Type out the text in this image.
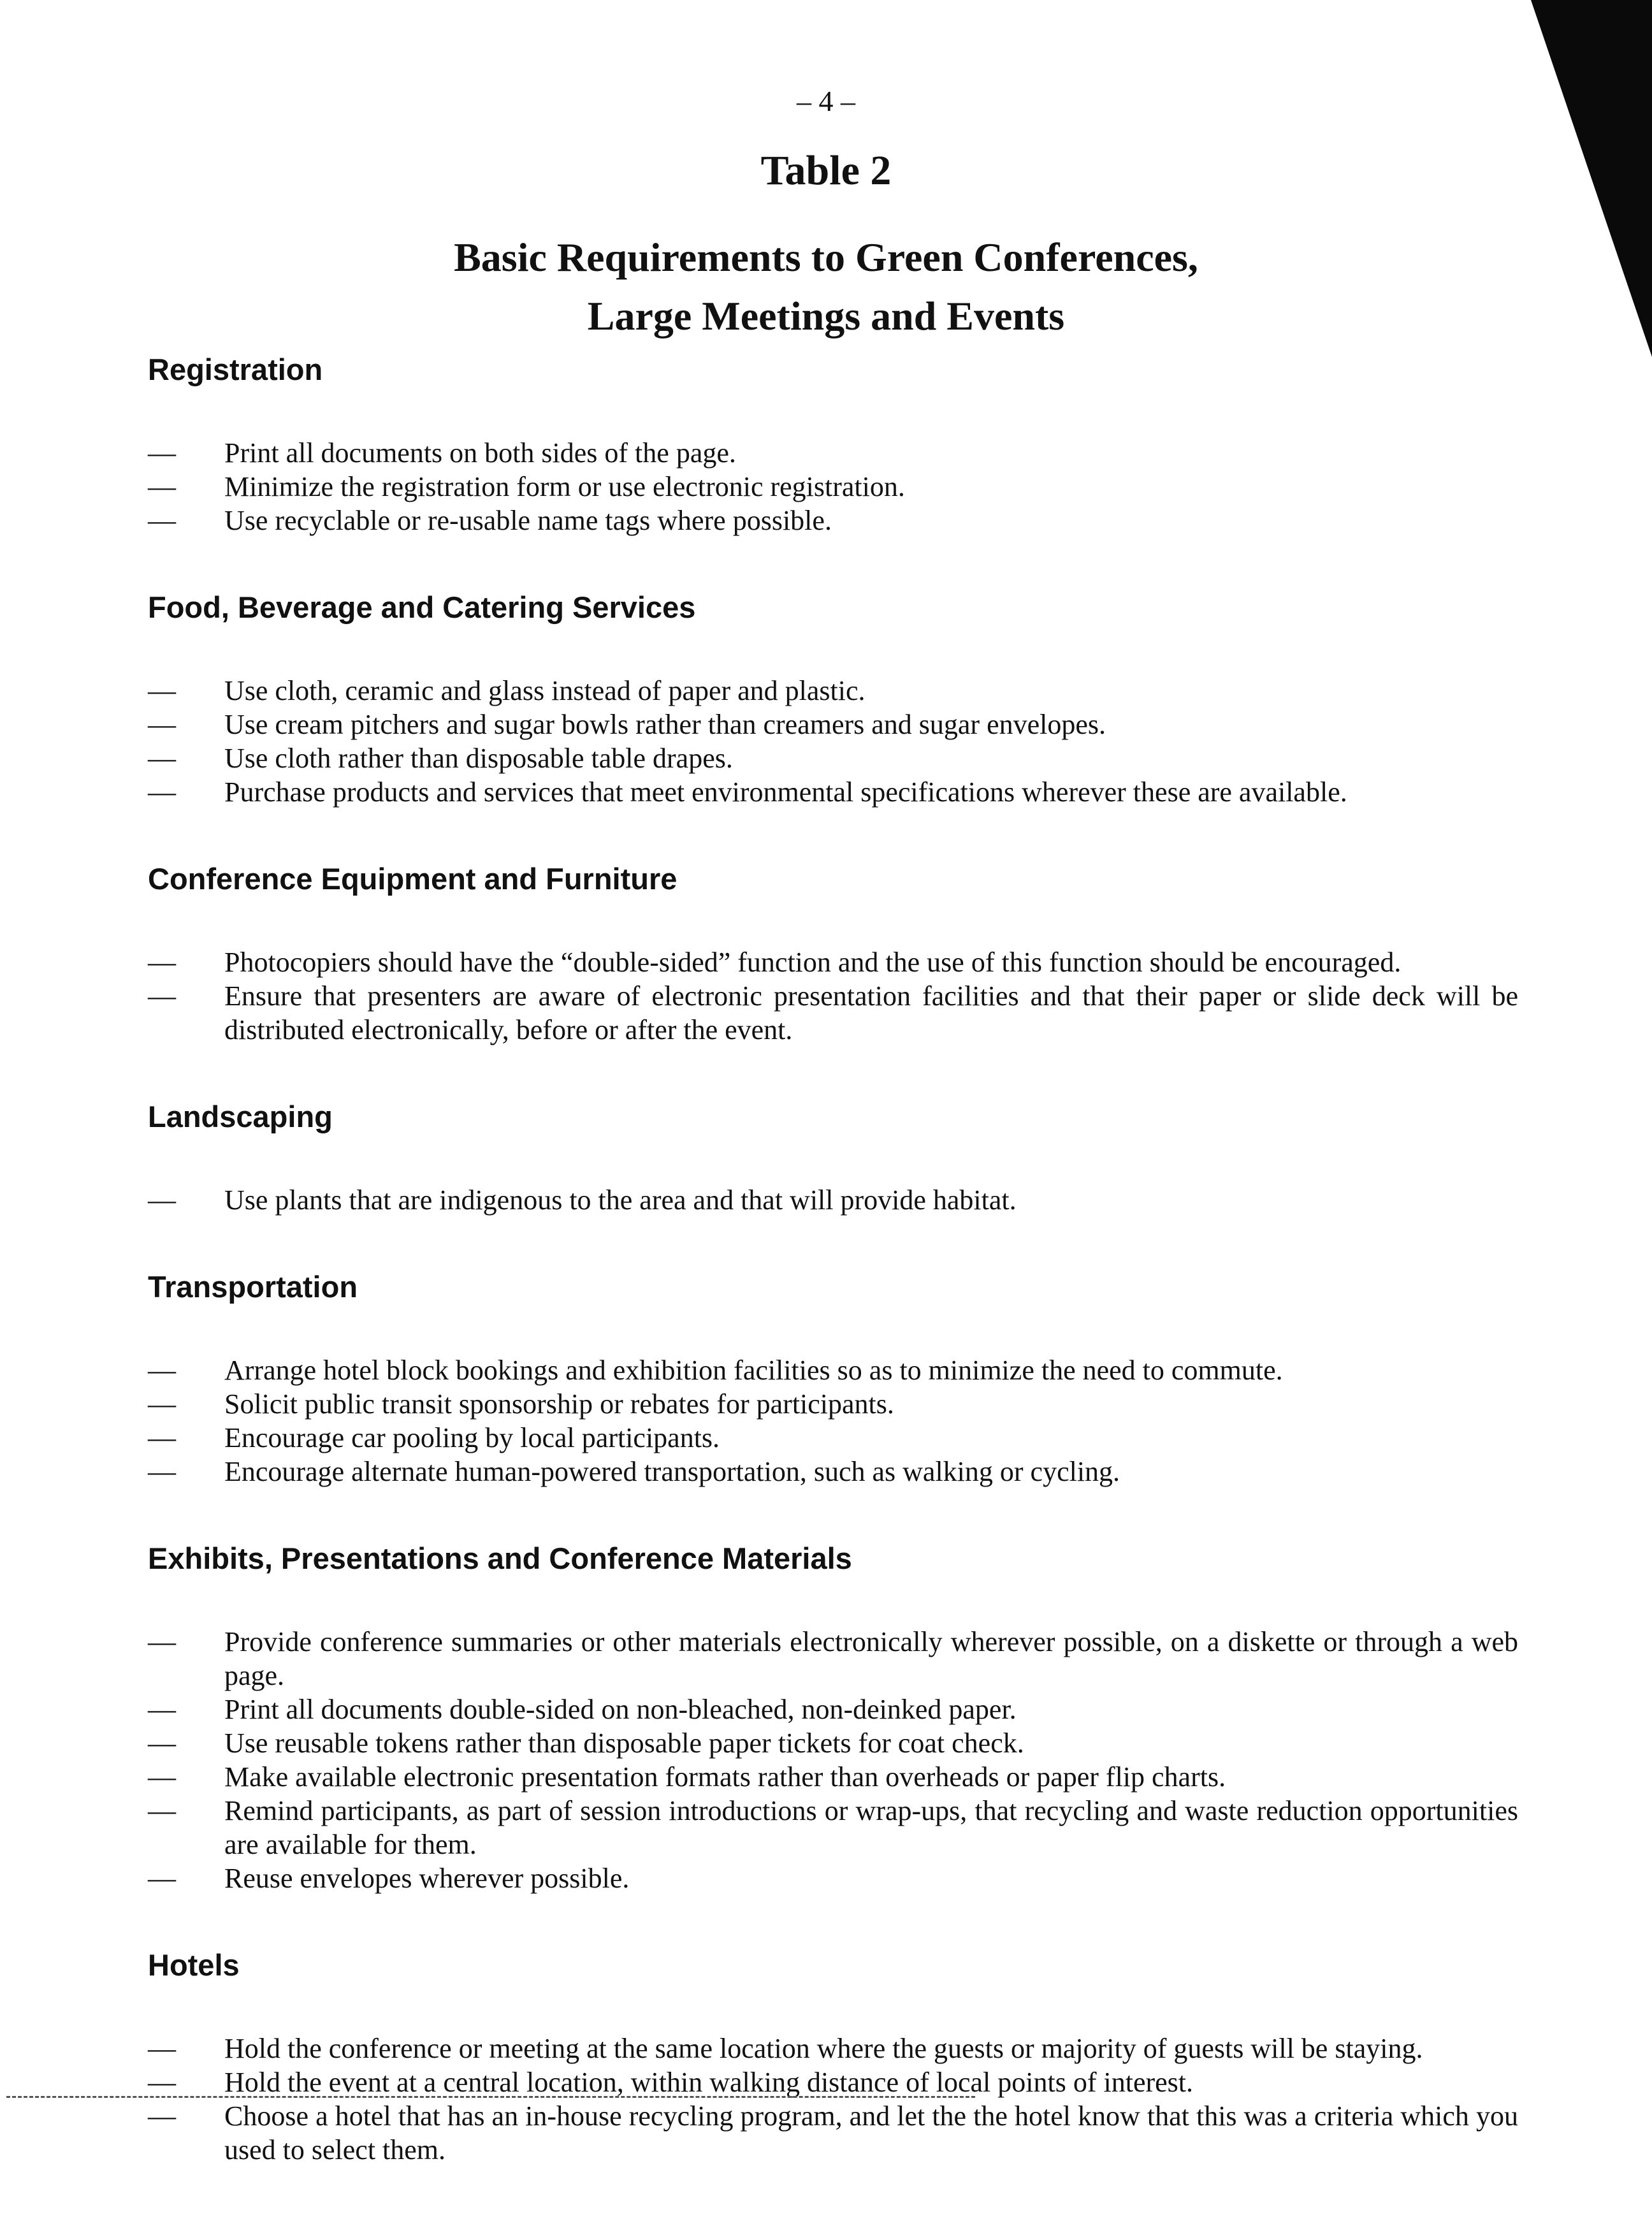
– 4 –
Table 2
Basic Requirements to Green Conferences,
Large Meetings and Events
Registration
—	Print all documents on both sides of the page.
—	Minimize the registration form or use electronic registration.
—	Use recyclable or re-usable name tags where possible.
Food, Beverage and Catering Services
—	Use cloth, ceramic and glass instead of paper and plastic.
—	Use cream pitchers and sugar bowls rather than creamers and sugar envelopes.
—	Use cloth rather than disposable table drapes.
—	Purchase products and services that meet environmental specifications wherever these are available.
Conference Equipment and Furniture
—	Photocopiers should have the “double-sided” function and the use of this function should be encouraged.
—	Ensure that presenters are aware of electronic presentation facilities and that their paper or slide deck will be distributed electronically, before or after the event.
Landscaping
—	Use plants that are indigenous to the area and that will provide habitat.
Transportation
—	Arrange hotel block bookings and exhibition facilities so as to minimize the need to commute.
—	Solicit public transit sponsorship or rebates for participants.
—	Encourage car pooling by local participants.
—	Encourage alternate human-powered transportation, such as walking or cycling.
Exhibits, Presentations and Conference Materials
—	Provide conference summaries or other materials electronically wherever possible, on a diskette or through a web page.
—	Print all documents double-sided on non-bleached, non-deinked paper.
—	Use reusable tokens rather than disposable paper tickets for coat check.
—	Make available electronic presentation formats rather than overheads or paper flip charts.
—	Remind participants, as part of session introductions or wrap-ups, that recycling and waste reduction opportunities are available for them.
—	Reuse envelopes wherever possible.
Hotels
—	Hold the conference or meeting at the same location where the guests or majority of guests will be staying.
—	Hold the event at a central location, within walking distance of local points of interest.
—	Choose a hotel that has an in-house recycling program, and let the the hotel know that this was a criteria which you used to select them.
